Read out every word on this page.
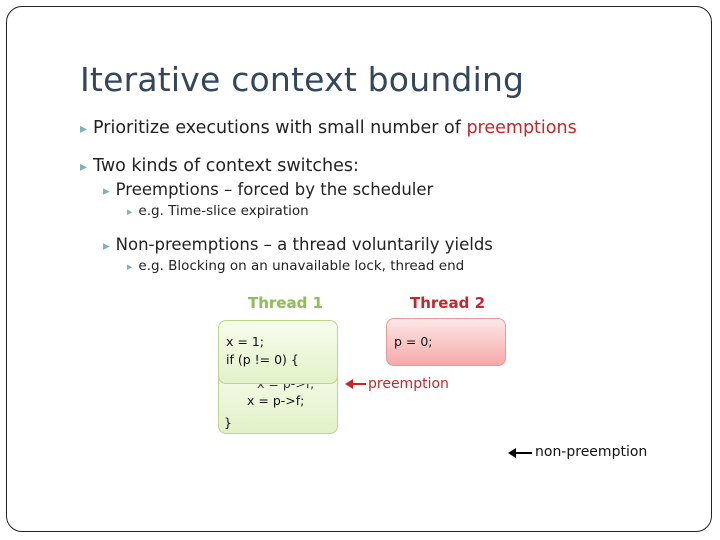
Iterative context bounding
▸ Prioritize executions with small number of preemptions
▸ Two kinds of context switches:
▸ Preemptions – forced by the scheduler
▸ e.g. Time-slice expiration
▸ Non-preemptions – a thread voluntarily yields
▸ e.g. Blocking on an unavailable lock, thread end
Thread 1	Thread 2
x = p->f;
}
x = 1;
if (p != 0) {
p = 0;
preemption
non-preemption
